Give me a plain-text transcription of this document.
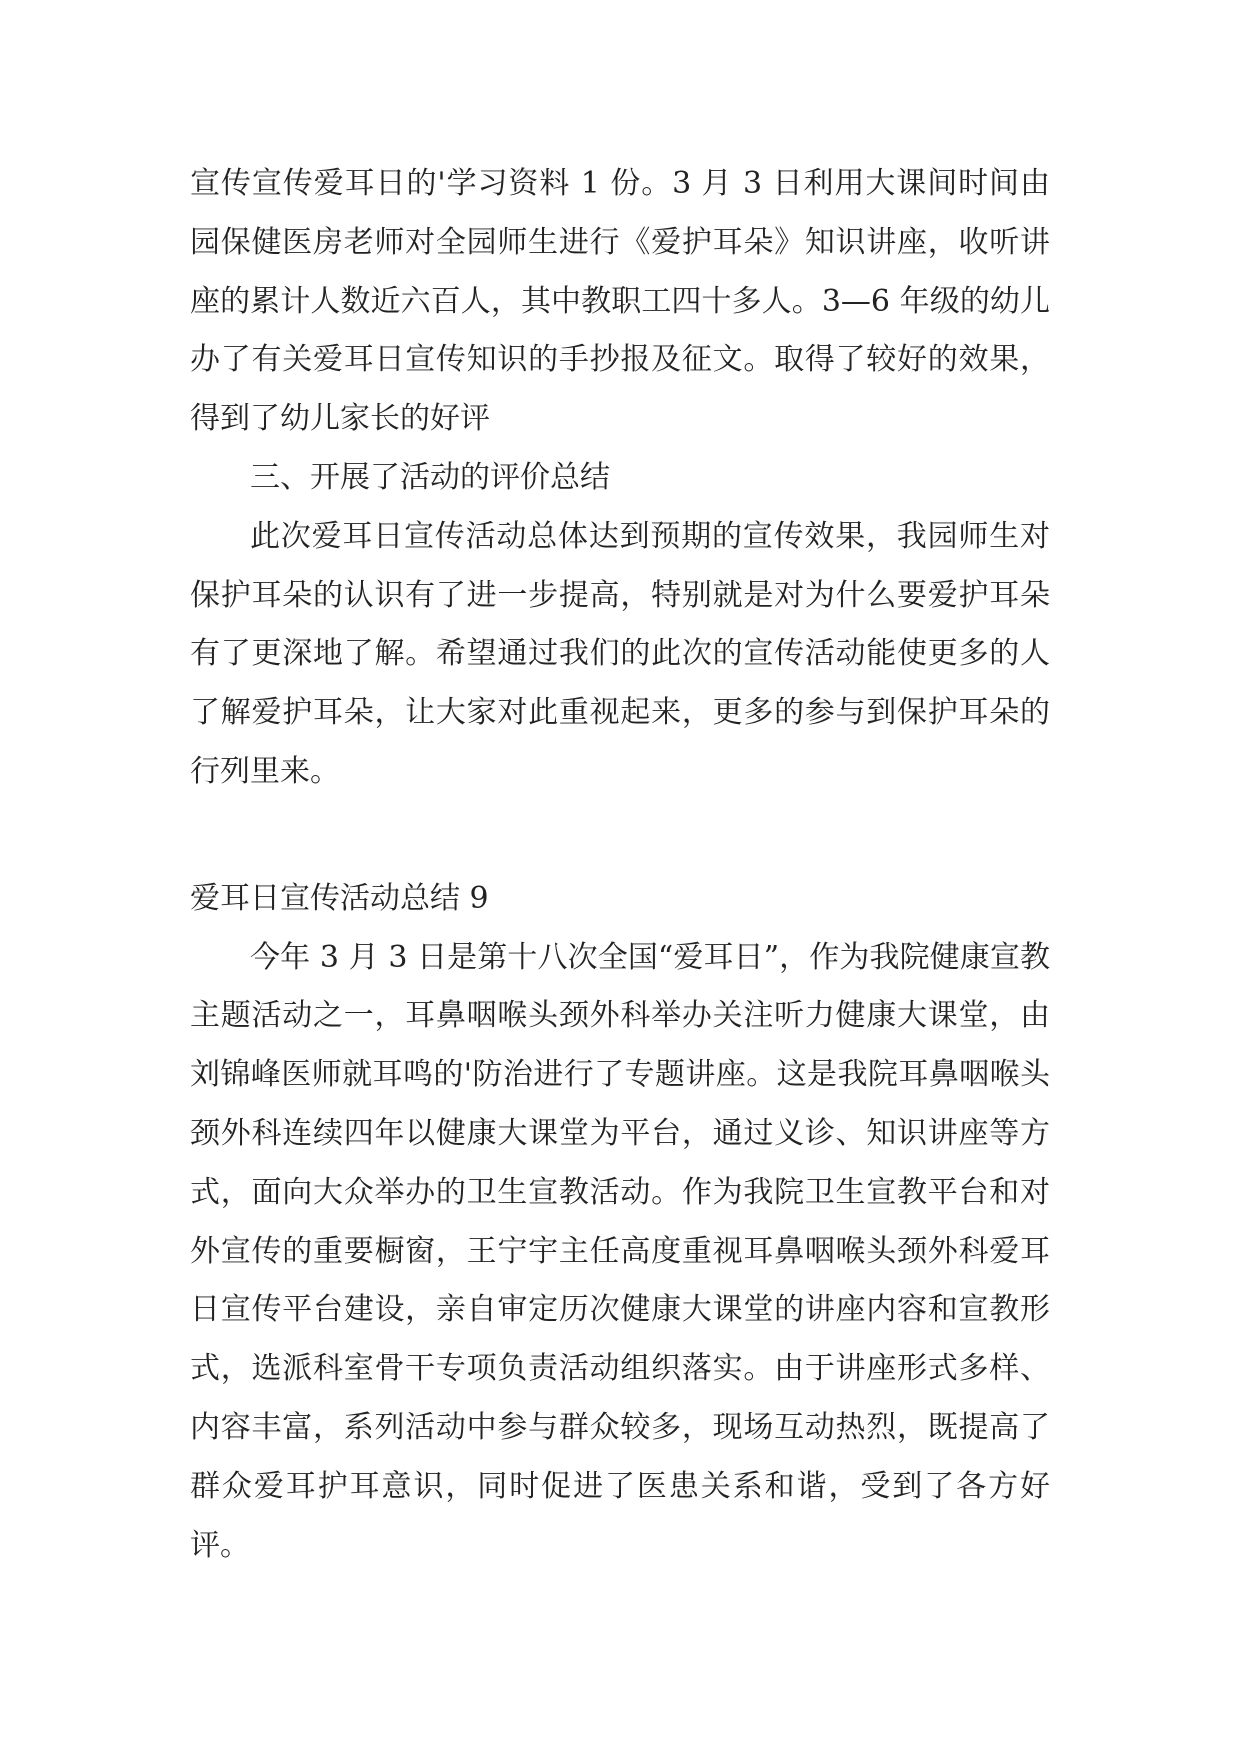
宣传宣传爱耳日的'学习资料 1 份。3 月 3 日利用大课间时间由园保健医房老师对全园师生进行《爱护耳朵》知识讲座，收听讲座的累计人数近六百人，其中教职工四十多人。3—6 年级的幼儿办了有关爱耳日宣传知识的手抄报及征文。取得了较好的效果，得到了幼儿家长的好评

三、开展了活动的评价总结

此次爱耳日宣传活动总体达到预期的宣传效果，我园师生对保护耳朵的认识有了进一步提高，特别就是对为什么要爱护耳朵有了更深地了解。希望通过我们的此次的宣传活动能使更多的人了解爱护耳朵，让大家对此重视起来，更多的参与到保护耳朵的行列里来。

爱耳日宣传活动总结 9

今年 3 月 3 日是第十八次全国“爱耳日”，作为我院健康宣教主题活动之一，耳鼻咽喉头颈外科举办关注听力健康大课堂，由刘锦峰医师就耳鸣的'防治进行了专题讲座。这是我院耳鼻咽喉头颈外科连续四年以健康大课堂为平台，通过义诊、知识讲座等方式，面向大众举办的卫生宣教活动。作为我院卫生宣教平台和对外宣传的重要橱窗，王宁宇主任高度重视耳鼻咽喉头颈外科爱耳日宣传平台建设，亲自审定历次健康大课堂的讲座内容和宣教形式，选派科室骨干专项负责活动组织落实。由于讲座形式多样、内容丰富，系列活动中参与群众较多，现场互动热烈，既提高了群众爱耳护耳意识，同时促进了医患关系和谐，受到了各方好评。
